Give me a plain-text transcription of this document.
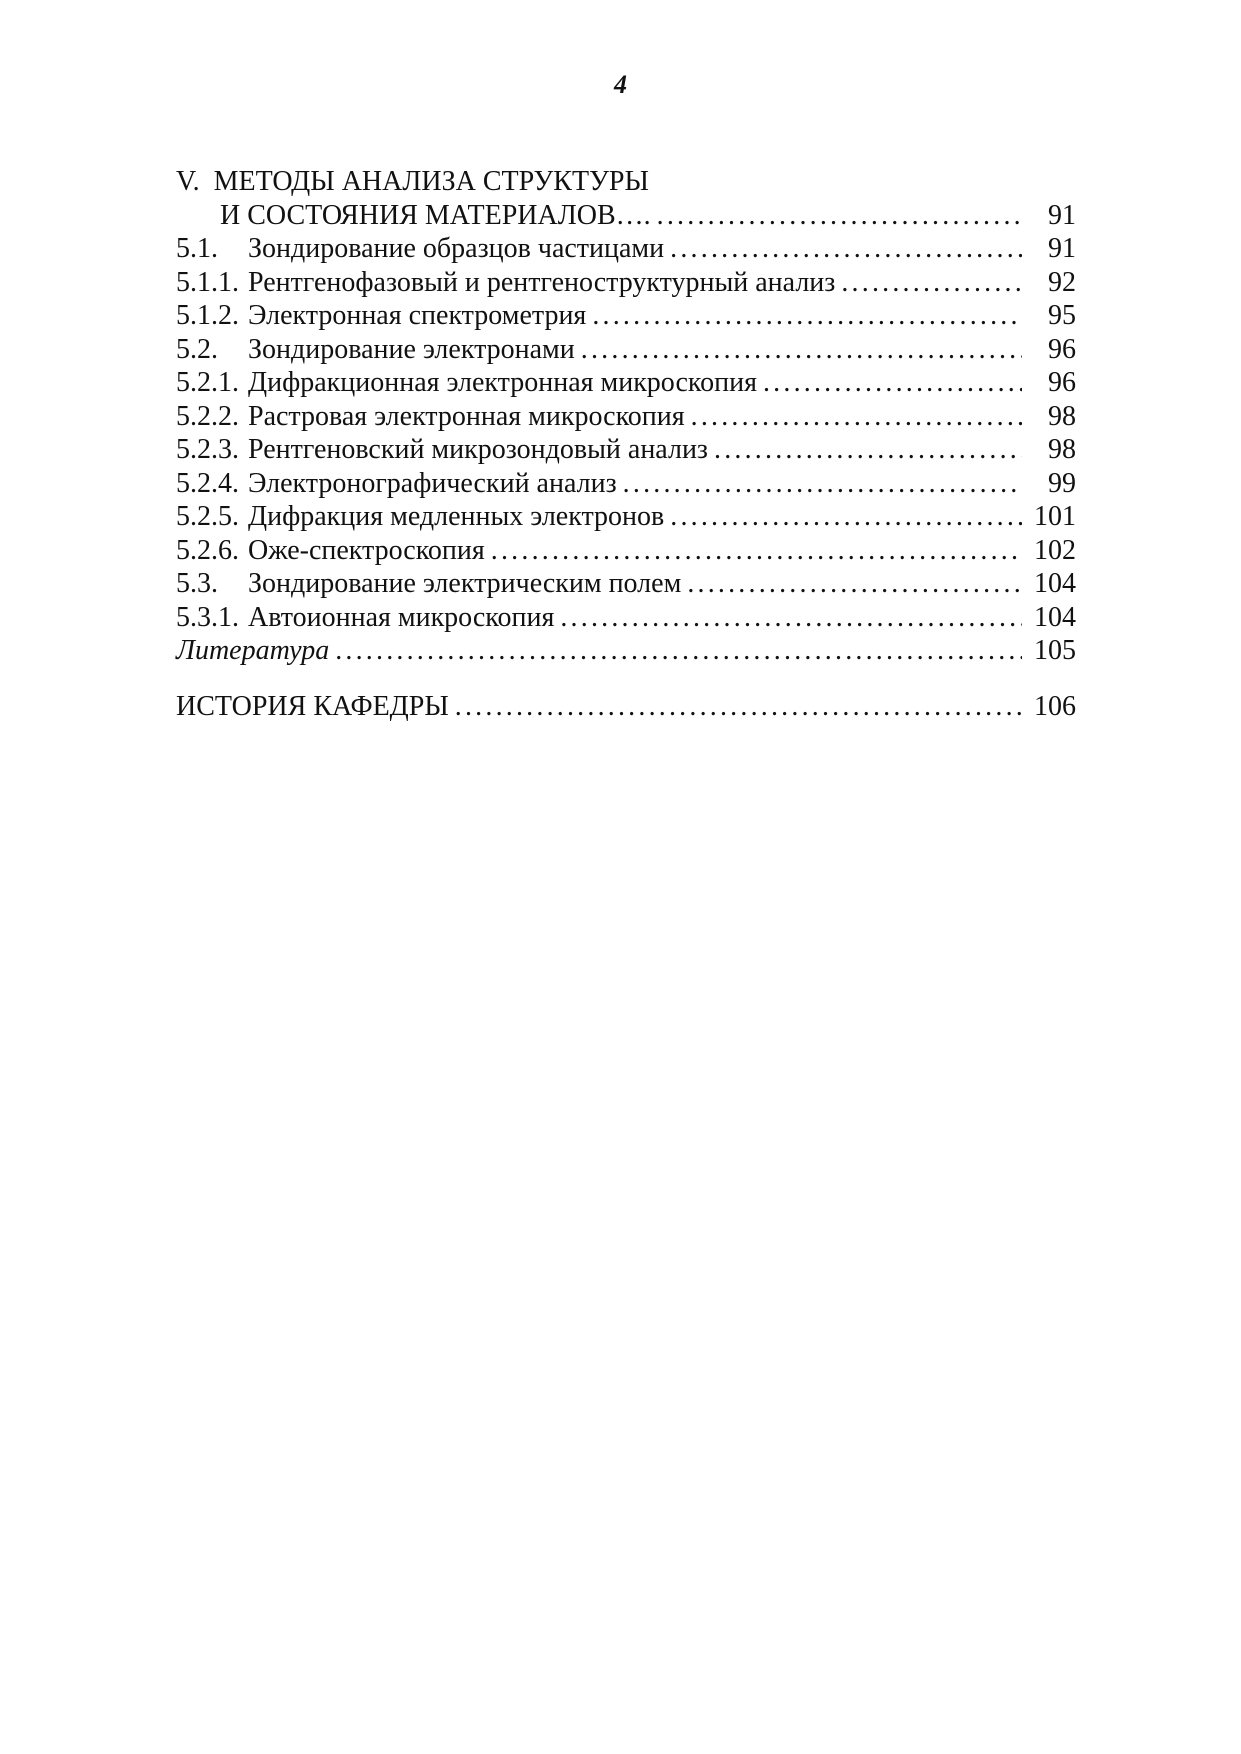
4
V. МЕТОДЫ АНАЛИЗА СТРУКТУРЫ
И СОСТОЯНИЯ МАТЕРИАЛОВ…. .....	91
5.1.	Зондирование образцов частицами .....	91
5.1.1. Рентгенофазовый и рентгеноструктурный анализ .....	92
5.1.2. Электронная спектрометрия .....	95
5.2.	Зондирование электронами .....	96
5.2.1. Дифракционная электронная микроскопия .....	96
5.2.2. Растровая электронная микроскопия .....	98
5.2.3. Рентгеновский микрозондовый анализ .....	98
5.2.4. Электронографический анализ .....	99
5.2.5. Дифракция медленных электронов .....	101
5.2.6. Оже-спектроскопия .....	102
5.3.	Зондирование электрическим полем .....	104
5.3.1. Автоионная микроскопия .....	104
Литература .....	105
ИСТОРИЯ КАФЕДРЫ .....	106
